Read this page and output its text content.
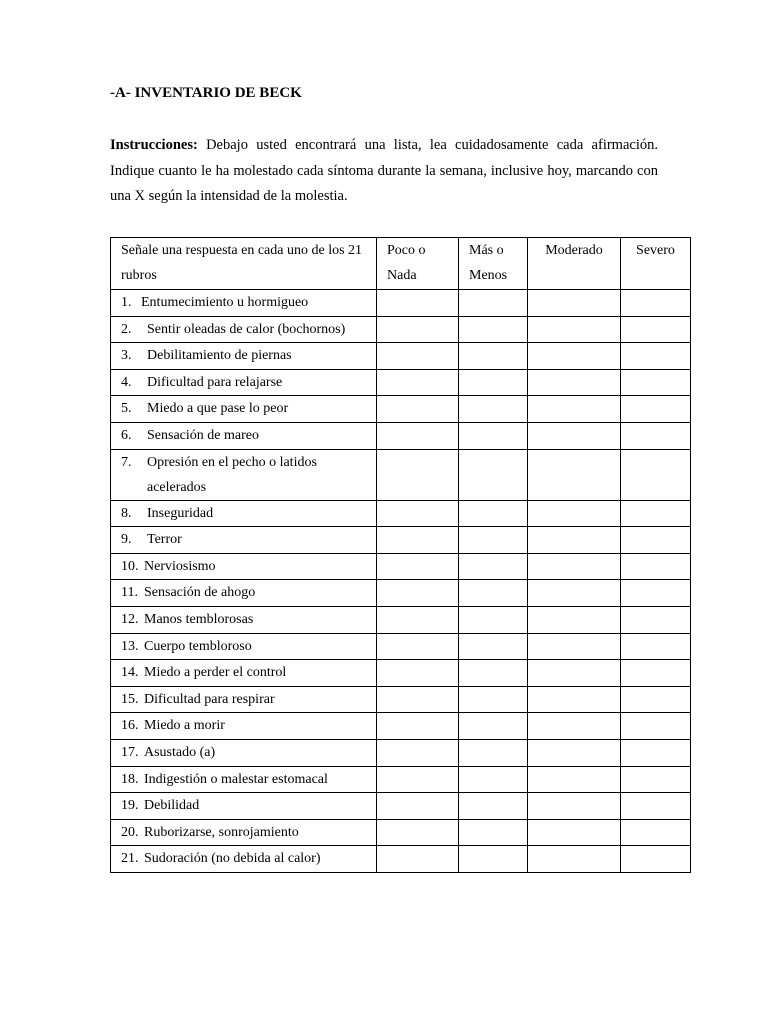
-A- INVENTARIO DE BECK
Instrucciones: Debajo usted encontrará una lista, lea cuidadosamente cada afirmación. Indique cuanto le ha molestado cada síntoma durante la semana, inclusive hoy, marcando con una X según la intensidad de la molestia.
Señale una respuesta en cada uno de los 21 rubros	Poco o Nada	Más o Menos	Moderado	Severo

1. Entumecimiento u hormigueo				

2. Sentir oleadas de calor (bochornos)				

3. Debilitamiento de piernas				

4. Dificultad para relajarse				

5. Miedo a que pase lo peor				

6. Sensación de mareo				

7. Opresión en el pecho o latidos acelerados				

8. Inseguridad				

9. Terror				

10. Nerviosismo				

11. Sensación de ahogo				

12. Manos temblorosas				

13. Cuerpo tembloroso				

14. Miedo a perder el control				

15. Dificultad para respirar				

16. Miedo a morir				

17. Asustado (a)				

18. Indigestión o malestar estomacal				

19. Debilidad				

20. Ruborizarse, sonrojamiento				

21. Sudoración (no debida al calor)				
